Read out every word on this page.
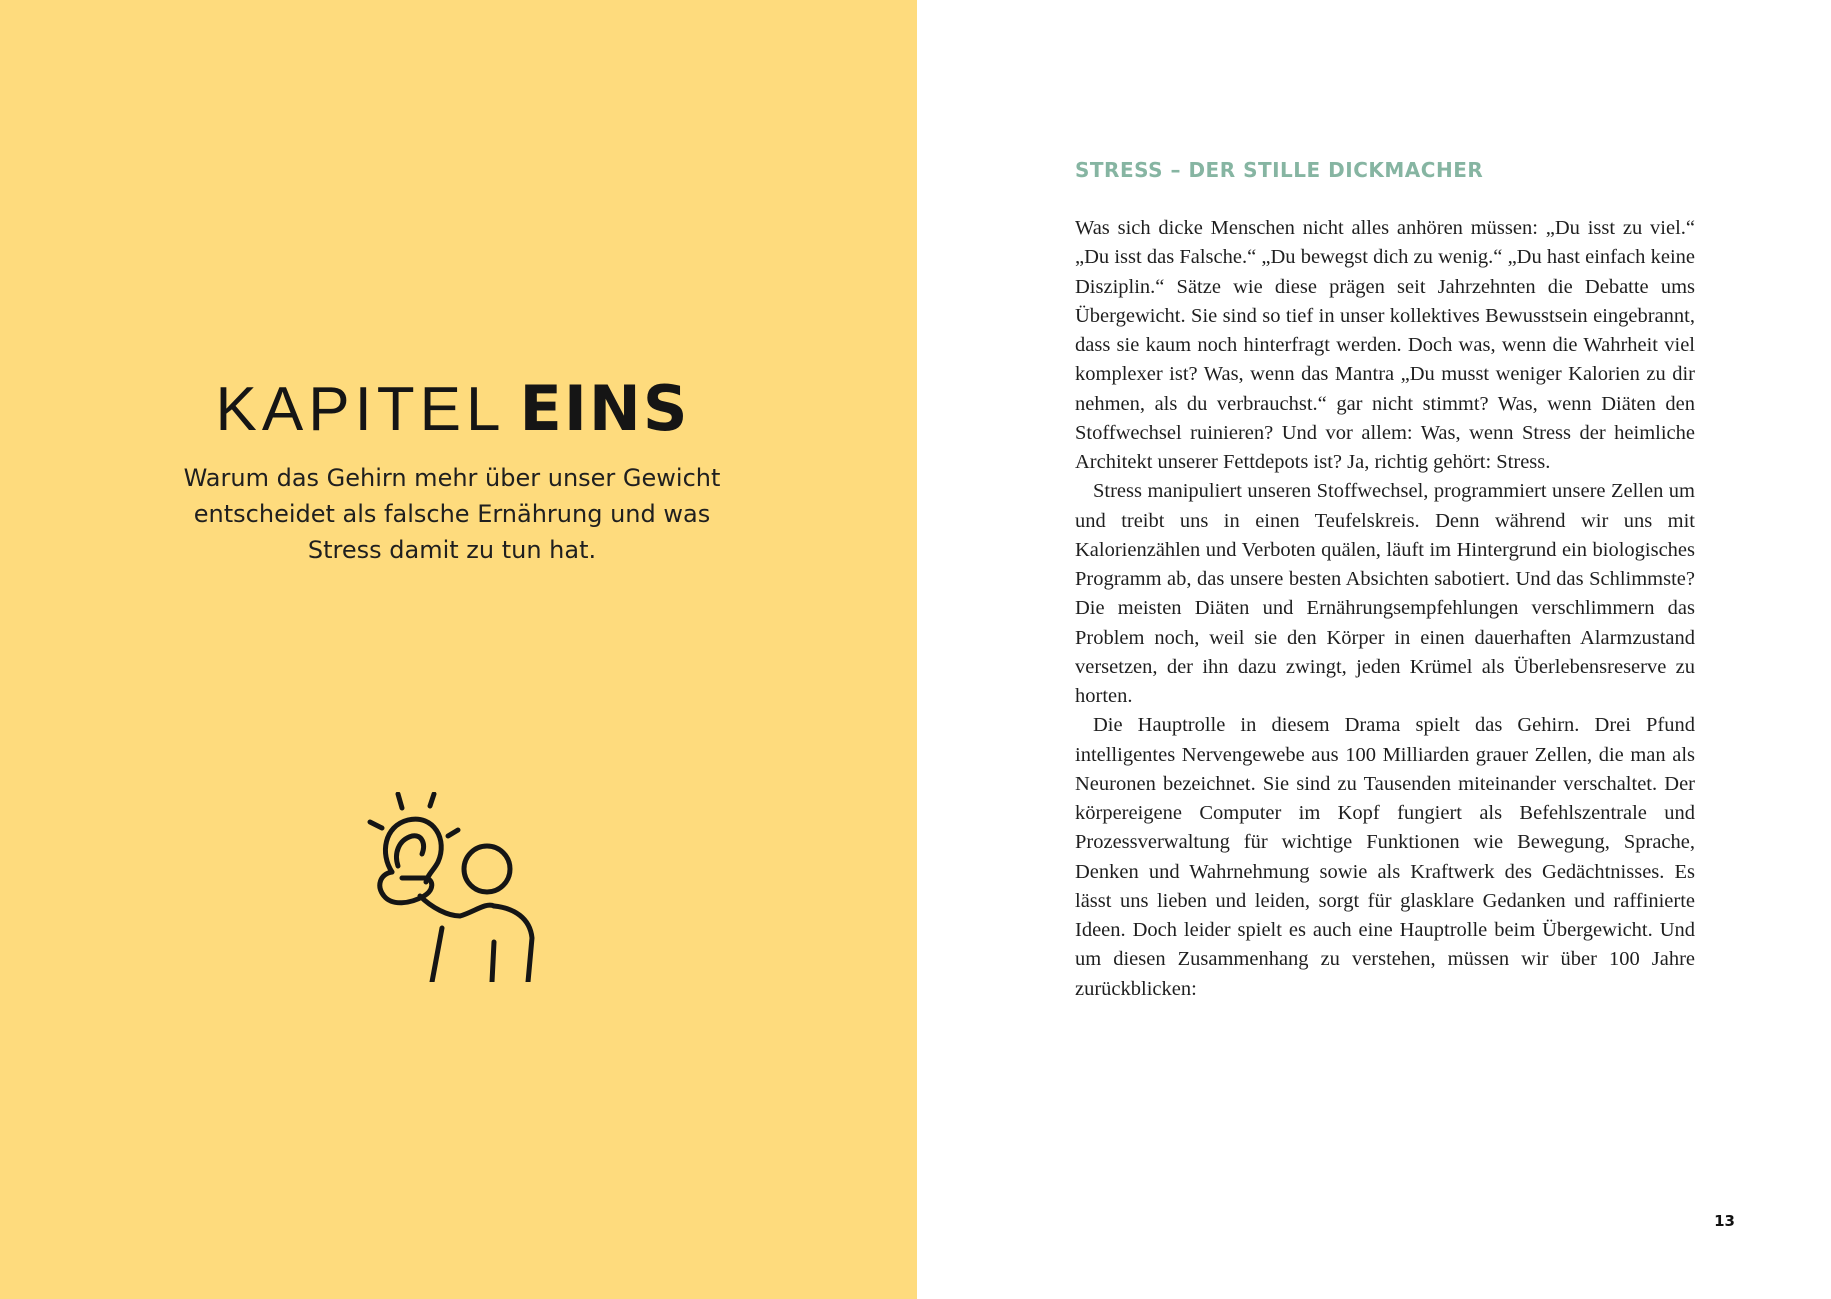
KAPITEL EINS
Warum das Gehirn mehr über unser Gewicht entscheidet als falsche Ernährung und was Stress damit zu tun hat.
STRESS – DER STILLE DICKMACHER

Was sich dicke Menschen nicht alles anhören müssen: „Du isst zu viel.“ „Du isst das Falsche.“ „Du bewegst dich zu wenig.“ „Du hast einfach keine Disziplin.“ Sätze wie diese prägen seit Jahrzehnten die Debatte ums Übergewicht. Sie sind so tief in unser kollektives Bewusstsein eingebrannt, dass sie kaum noch hinterfragt werden. Doch was, wenn die Wahrheit viel komplexer ist? Was, wenn das Mantra „Du musst weniger Kalorien zu dir nehmen, als du verbrauchst.“ gar nicht stimmt? Was, wenn Diäten den Stoffwechsel ruinieren? Und vor allem: Was, wenn Stress der heimliche Architekt unserer Fettdepots ist? Ja, richtig gehört: Stress.

Stress manipuliert unseren Stoffwechsel, programmiert unsere Zellen um und treibt uns in einen Teufelskreis. Denn während wir uns mit Kalorienzählen und Verboten quälen, läuft im Hintergrund ein biologisches Programm ab, das unsere besten Absichten sabotiert. Und das Schlimmste? Die meisten Diäten und Ernährungsempfehlungen verschlimmern das Problem noch, weil sie den Körper in einen dauerhaften Alarmzustand versetzen, der ihn dazu zwingt, jeden Krümel als Überlebensreserve zu horten.

Die Hauptrolle in diesem Drama spielt das Gehirn. Drei Pfund intelligentes Nervengewebe aus 100 Milliarden grauer Zellen, die man als Neuronen bezeichnet. Sie sind zu Tausenden miteinander verschaltet. Der körpereigene Computer im Kopf fungiert als Befehlszentrale und Prozessverwaltung für wichtige Funktionen wie Bewegung, Sprache, Denken und Wahrnehmung sowie als Kraftwerk des Gedächtnisses. Es lässt uns lieben und leiden, sorgt für glasklare Gedanken und raffinierte Ideen. Doch leider spielt es auch eine Hauptrolle beim Übergewicht. Und um diesen Zusammenhang zu verstehen, müssen wir über 100 Jahre zurückblicken:

13
